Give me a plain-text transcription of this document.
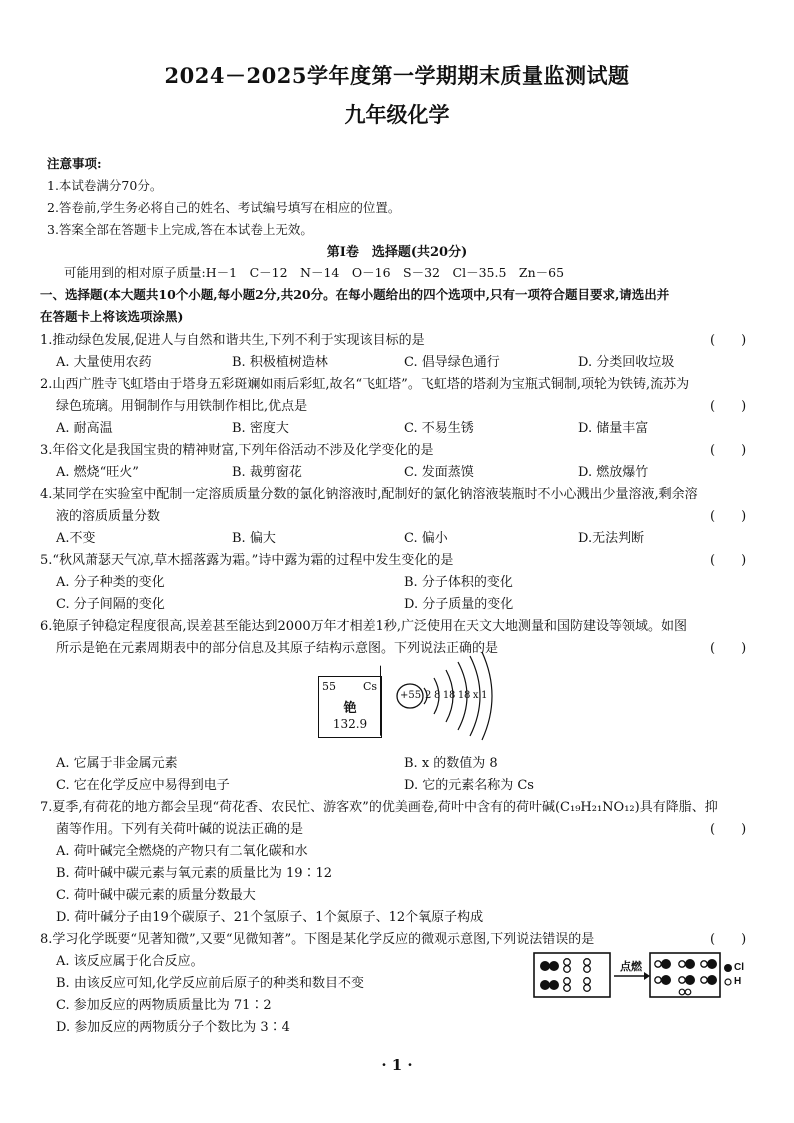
2024－2025学年度第一学期期末质量监测试题
九年级化学
注意事项:
1.本试卷满分70分。
2.答卷前,学生务必将自己的姓名、考试编号填写在相应的位置。
3.答案全部在答题卡上完成,答在本试卷上无效。
第Ⅰ卷　选择题(共20分)
可能用到的相对原子质量:H－1　C－12　N－14　O－16　S－32　Cl－35.5　Zn－65
一、选择题(本大题共10个小题,每小题2分,共20分。在每小题给出的四个选项中,只有一项符合题目要求,请选出并
在答题卡上将该选项涂黑)
1.推动绿色发展,促进人与自然和谐共生,下列不利于实现该目标的是	(　　)
A. 大量使用农药	B. 积极植树造林	C. 倡导绿色通行	D. 分类回收垃圾
2.山西广胜寺飞虹塔由于塔身五彩斑斓如雨后彩虹,故名“飞虹塔”。飞虹塔的塔刹为宝瓶式铜制,项轮为铁铸,流苏为
绿色琉璃。用铜制作与用铁制作相比,优点是	(　　)
A. 耐高温	B. 密度大	C. 不易生锈	D. 储量丰富
3.年俗文化是我国宝贵的精神财富,下列年俗活动不涉及化学变化的是	(　　)
A. 燃烧“旺火”	B. 裁剪窗花	C. 发面蒸馍	D. 燃放爆竹
4.某同学在实验室中配制一定溶质质量分数的氯化钠溶液时,配制好的氯化钠溶液装瓶时不小心溅出少量溶液,剩余溶
液的溶质质量分数	(　　)
A.不变	B. 偏大	C. 偏小	D.无法判断
5.“秋风萧瑟天气凉,草木摇落露为霜。”诗中露为霜的过程中发生变化的是	(　　)
A. 分子种类的变化	B. 分子体积的变化
C. 分子间隔的变化	D. 分子质量的变化
6.铯原子钟稳定程度很高,误差甚至能达到2000万年才相差1秒,广泛使用在天文大地测量和国防建设等领域。如图
所示是铯在元素周期表中的部分信息及其原子结构示意图。下列说法正确的是	(　　)
55 Cs
铯
132.9
+55 2 8 18 18 x 1
A. 它属于非金属元素	B. x 的数值为 8
C. 它在化学反应中易得到电子	D. 它的元素名称为 Cs
7.夏季,有荷花的地方都会呈现“荷花香、农民忙、游客欢”的优美画卷,荷叶中含有的荷叶碱(C₁₉H₂₁NO₁₂)具有降脂、抑
菌等作用。下列有关荷叶碱的说法正确的是	(　　)
A. 荷叶碱完全燃烧的产物只有二氧化碳和水
B. 荷叶碱中碳元素与氧元素的质量比为 19∶12
C. 荷叶碱中碳元素的质量分数最大
D. 荷叶碱分子由19个碳原子、21个氢原子、1个氮原子、12个氧原子构成
8.学习化学既要“见著知微”,又要“见微知著”。下图是某化学反应的微观示意图,下列说法错误的是	(　　)
A. 该反应属于化合反应。
B. 由该反应可知,化学反应前后原子的种类和数目不变
C. 参加反应的两物质质量比为 71∶2
D. 参加反应的两物质分子个数比为 3∶4
点燃	Cl
H
· 1 ·
